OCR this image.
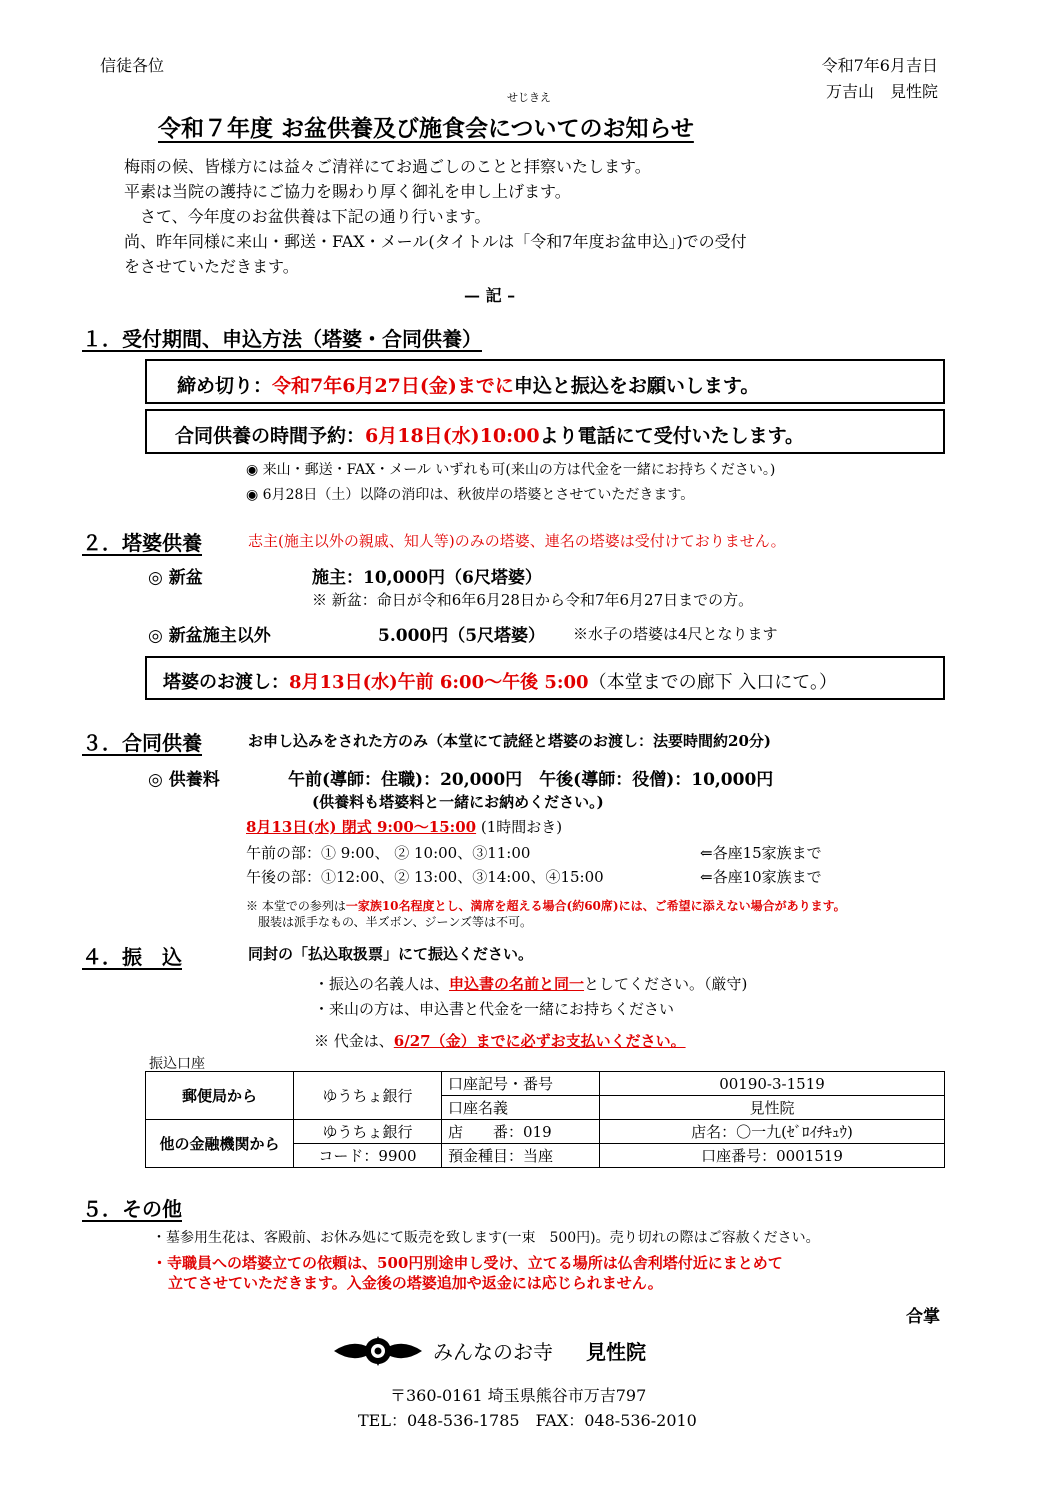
信徒各位	令和7年6月吉日
万吉山　見性院
せじきえ
令和７年度 お盆供養及び施食会についてのお知らせ
梅雨の候、皆様方には益々ご清祥にてお過ごしのことと拝察いたします。
平素は当院の護持にご協力を賜わり厚く御礼を申し上げます。
　さて、今年度のお盆供養は下記の通り行います。
尚、昨年同様に来山・郵送・FAX・メール(タイトルは「令和7年度お盆申込」)での受付
をさせていただきます。
— 記 –
１．受付期間、申込方法（塔婆・合同供養）
締め切り：令和7年6月27日(金)までに申込と振込をお願いします。
合同供養の時間予約：6月18日(水)10:00より電話にて受付いたします。
◉ 来山・郵送・FAX・メール いずれも可(来山の方は代金を一緒にお持ちください。)
◉ 6月28日（土）以降の消印は、秋彼岸の塔婆とさせていただきます。
２．塔婆供養	志主(施主以外の親戚、知人等)のみの塔婆、連名の塔婆は受付けておりません。
◎ 新盆	施主：10,000円（6尺塔婆）
※ 新盆：命日が令和6年6月28日から令和7年6月27日までの方。
◎ 新盆施主以外	5.000円（5尺塔婆） ※水子の塔婆は4尺となります
塔婆のお渡し：8月13日(水)午前 6:00〜午後 5:00（本堂までの廊下 入口にて。）
３．合同供養	お申し込みをされた方のみ（本堂にて読経と塔婆のお渡し：法要時間約20分)
◎ 供養料	午前(導師：住職)：20,000円　午後(導師：役僧)：10,000円
(供養料も塔婆料と一緒にお納めください。)
8月13日(水) 閉式 9:00〜15:00 (1時間おき)
午前の部：① 9:00、 ② 10:00、③11:00	⇐各座15家族まで
午後の部：①12:00、② 13:00、③14:00、④15:00	⇐各座10家族まで
※ 本堂での参列は一家族10名程度とし、満席を超える場合(約60席)には、ご希望に添えない場合があります。
服装は派手なもの、半ズボン、ジーンズ等は不可。
４．振　込	同封の「払込取扱票」にて振込ください。
・振込の名義人は、申込書の名前と同一としてください。（厳守)
・来山の方は、申込書と代金を一緒にお持ちください
※ 代金は、6/27（金）までに必ずお支払いください。
振込口座
郵便局から	ゆうちょ銀行	口座記号・番号	00190-3-1519
		口座名義	見性院
他の金融機関から	ゆうちょ銀行	店　　番：019	店名：〇一九(ｾﾞﾛｲﾁｷｭｳ)
	コード：9900	預金種目：当座	口座番号：0001519
５．その他
・墓参用生花は、客殿前、お休み処にて販売を致します(一束　500円)。売り切れの際はご容赦ください。
・寺職員への塔婆立ての依頼は、500円別途申し受け、立てる場所は仏舎利塔付近にまとめて
立てさせていただきます。入金後の塔婆追加や返金には応じられません。
合掌
みんなのお寺 見性院
〒360-0161 埼玉県熊谷市万吉797
TEL：048-536-1785　FAX：048-536-2010
